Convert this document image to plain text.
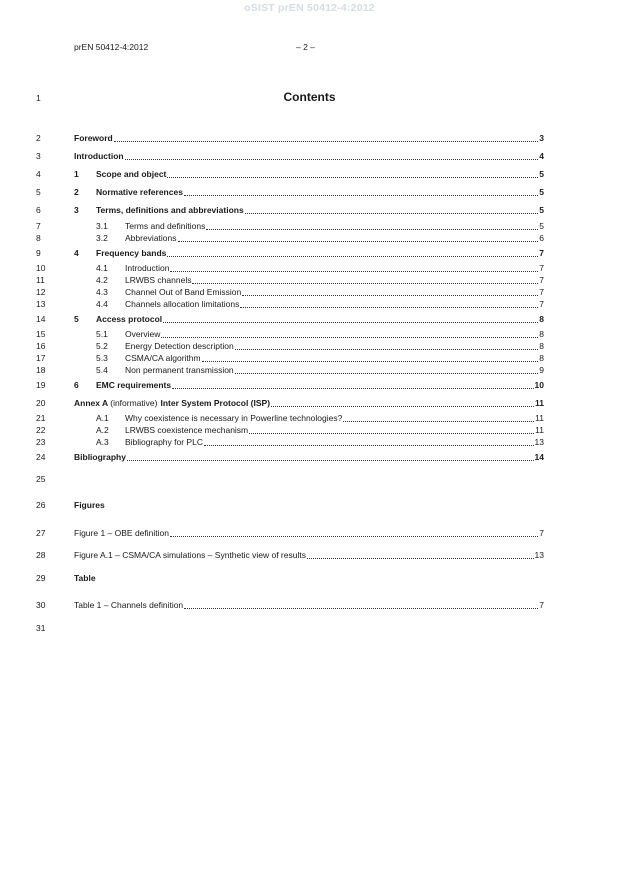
oSIST prEN 50412-4:2012
prEN 50412-4:2012	– 2 –
Contents
1
2
3
4
5
6
7
8
9
10
11
12
13
14
15
16
17
18
19
20
21
22
23
24
25
26
27
28
29
30
31
Foreword	3
Introduction	4
1	Scope and object	5
2	Normative references	5
3	Terms, definitions and abbreviations	5
3.1	Terms and definitions	5
3.2	Abbreviations	6
4	Frequency bands	7
4.1	Introduction	7
4.2	LRWBS channels	7
4.3	Channel Out of Band Emission	7
4.4	Channels allocation limitations	7
5	Access protocol	8
5.1	Overview	8
5.2	Energy Detection description	8
5.3	CSMA/CA algorithm	8
5.4	Non permanent transmission	9
6	EMC requirements	10
Annex A (informative) Inter System Protocol (ISP)	11
A.1	Why coexistence is necessary in Powerline technologies?	11
A.2	LRWBS coexistence mechanism	11
A.3	Bibliography for PLC	13
Bibliography	14
Figures
Figure 1 – OBE definition	7
Figure A.1 – CSMA/CA simulations – Synthetic view of results	13
Table
Table 1 – Channels definition	7
